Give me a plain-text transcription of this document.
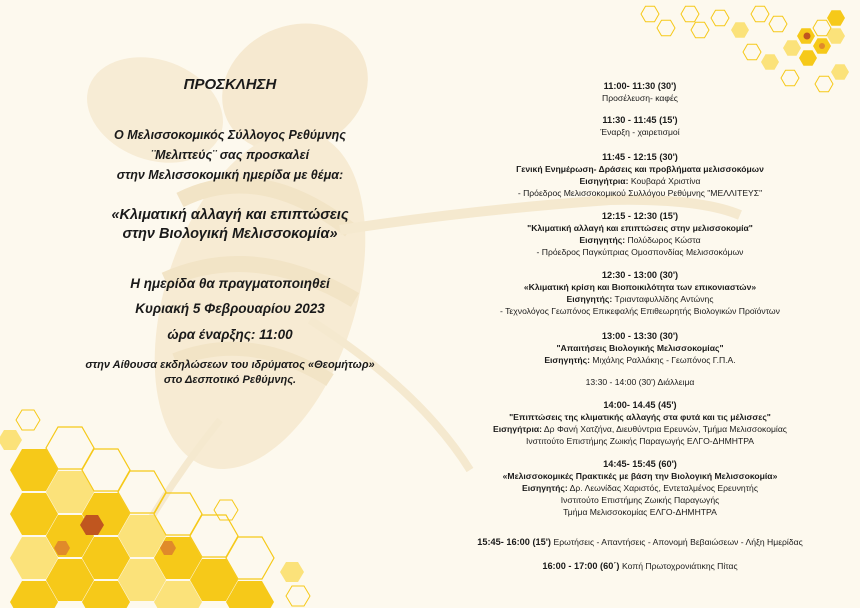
ΠΡΟΣΚΛΗΣΗ
Ο Μελισσοκομικός Σύλλογος Ρεθύμνης
¨Μελιττεύς¨ σας προσκαλεί
στην Μελισσοκομική ημερίδα με θέμα:
«Κλιματική αλλαγή και επιπτώσεις
στην Βιολογική Μελισσοκομία»
Η ημερίδα θα πραγματοποιηθεί
Κυριακή 5 Φεβρουαρίου 2023
ώρα έναρξης: 11:00
στην Αίθουσα εκδηλώσεων του ιδρύματος «Θεομήτωρ»
στο Δεσποτικό Ρεθύμνης.
11:00- 11:30 (30')
Προσέλευση- καφές
11:30 - 11:45 (15')
Έναρξη - χαιρετισμοί
11:45 - 12:15 (30')
Γενική Ενημέρωση- Δράσεις και προβλήματα μελισσοκόμων
Εισηγήτρια: Κουβαρά Χριστίνα
- Πρόεδρος Μελισσοκομικού Συλλόγου Ρεθύμνης "ΜΕΛΛΙΤΕΥΣ"
12:15 - 12:30 (15')
"Κλιματική αλλαγή και επιπτώσεις στην μελισσοκομία"
Εισηγητής: Πολύδωρος Κώστα
- Πρόεδρος Παγκύπριας Ομοσπονδίας Μελισσοκόμων
12:30 - 13:00 (30')
«Κλιματική κρίση και Βιοποικιλότητα των επικονιαστών»
Εισηγητής: Τριανταφυλλίδης Αντώνης
- Τεχνολόγος Γεωπόνος Επικεφαλής Επιθεωρητής Βιολογικών Προϊόντων
13:00 - 13:30 (30')
"Απαιτήσεις Βιολογικής Μελισσοκομίας"
Εισηγητής: Μιχάλης Ραλλάκης - Γεωπόνος Γ.Π.Α.
13:30 - 14:00 (30') Διάλλειμα
14:00- 14.45 (45')
"Επιπτώσεις της κλιματικής αλλαγής στα φυτά και τις μέλισσες"
Εισηγήτρια: Δρ Φανή Χατζήνα, Διευθύντρια Ερευνών, Τμήμα Μελισσοκομίας
Ινστιτούτο Επιστήμης Ζωικής Παραγωγής ΕΛΓΟ-ΔΗΜΗΤΡΑ
14:45- 15:45 (60')
«Μελισσοκομικές Πρακτικές με βάση την Βιολογική Μελισσοκομία»
Εισηγητής: Δρ. Λεωνίδας Χαριστός, Εντεταλμένος Ερευνητής
Ινστιτούτο Επιστήμης Ζωικής Παραγωγής
Τμήμα Μελισσοκομίας ΕΛΓΟ-ΔΗΜΗΤΡΑ
15:45- 16:00 (15') Ερωτήσεις - Απαντήσεις - Απονομή Βεβαιώσεων - Λήξη Ημερίδας
16:00 - 17:00 (60΄) Κοπή Πρωτοχρονιάτικης Πίτας
